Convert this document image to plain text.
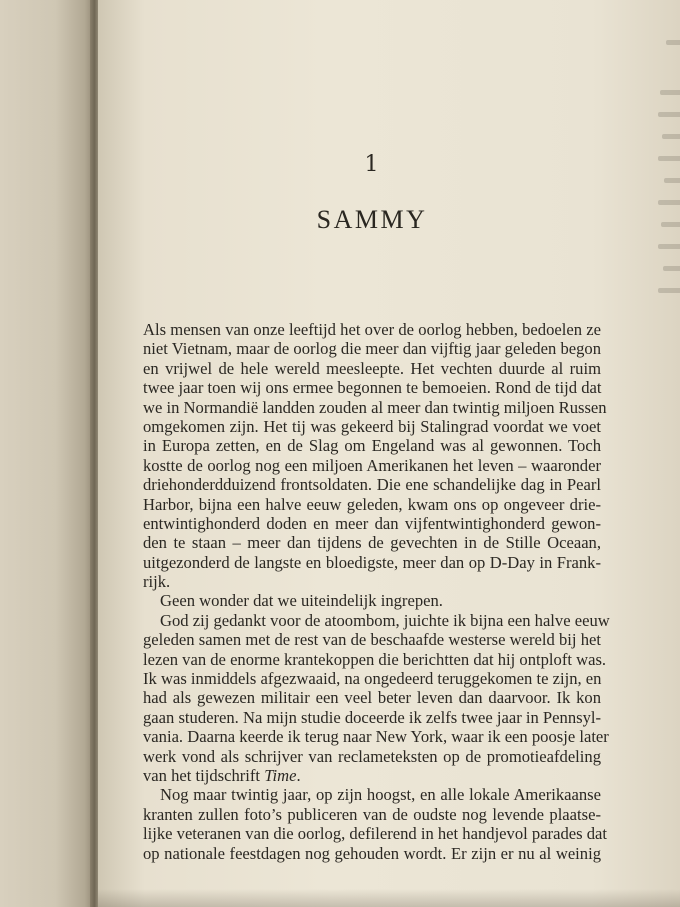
1
SAMMY
Als mensen van onze leeftijd het over de oorlog hebben, bedoelen ze
niet Vietnam, maar de oorlog die meer dan vijftig jaar geleden begon
en vrijwel de hele wereld meesleepte. Het vechten duurde al ruim
twee jaar toen wij ons ermee begonnen te bemoeien. Rond de tijd dat
we in Normandië landden zouden al meer dan twintig miljoen Russen
omgekomen zijn. Het tij was gekeerd bij Stalingrad voordat we voet
in Europa zetten, en de Slag om Engeland was al gewonnen. Toch
kostte de oorlog nog een miljoen Amerikanen het leven – waaronder
driehonderdduizend frontsoldaten. Die ene schandelijke dag in Pearl
Harbor, bijna een halve eeuw geleden, kwam ons op ongeveer drie-
entwintighonderd doden en meer dan vijfentwintighonderd gewon-
den te staan – meer dan tijdens de gevechten in de Stille Oceaan,
uitgezonderd de langste en bloedigste, meer dan op D-Day in Frank-
rijk.
Geen wonder dat we uiteindelijk ingrepen.
God zij gedankt voor de atoombom, juichte ik bijna een halve eeuw
geleden samen met de rest van de beschaafde westerse wereld bij het
lezen van de enorme krantekoppen die berichtten dat hij ontploft was.
Ik was inmiddels afgezwaaid, na ongedeerd teruggekomen te zijn, en
had als gewezen militair een veel beter leven dan daarvoor. Ik kon
gaan studeren. Na mijn studie doceerde ik zelfs twee jaar in Pennsyl-
vania. Daarna keerde ik terug naar New York, waar ik een poosje later
werk vond als schrijver van reclameteksten op de promotieafdeling
van het tijdschrift Time.
Nog maar twintig jaar, op zijn hoogst, en alle lokale Amerikaanse
kranten zullen foto’s publiceren van de oudste nog levende plaatse-
lijke veteranen van die oorlog, defilerend in het handjevol parades dat
op nationale feestdagen nog gehouden wordt. Er zijn er nu al weinig
